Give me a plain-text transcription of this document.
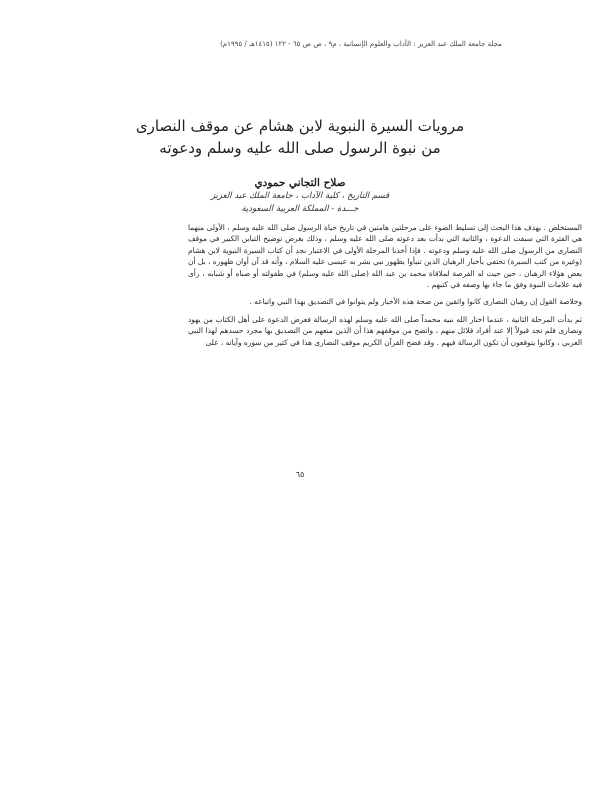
مجلة جامعة الملك عبد العزيز : الآداب والعلوم الإنسانية ، م٩ ، ص ص ٦٥ - ١٢٢ (١٤١٥هـ / ١٩٩٥م)
مرويات السيرة النبوية لابن هشام عن موقف النصارى
من نبوة الرسول صلى الله عليه وسلم ودعوته
صلاح التجاني حمودي
قسم التاريخ ، كلية الآداب ، جامعة الملك عبد العزيز
جـــدة - المملكة العربية السعودية

المستخلص . يهدف هذا البحث إلى تسليط الضوء على مرحلتين هامتين في تاريخ حياة الرسول صلى الله عليه وسلم ، الأولى منهما هي الفترة التي سبقت الدعوة ، والثانية التي بدأت بعد دعوته صلى الله عليه وسلم ، وذلك بغرض توضيح التباين الكبير في موقف النصارى من الرسول صلى الله عليه وسلم ودعوته . فإذا أخذنا المرحلة الأولى في الاعتبار نجد أن كتاب السيرة النبوية لابن هشام (وغيره من كتب السيرة) تحتفي بأخبار الرهبان الذين تنبأوا بظهور نبي بشر به عيسى عليه السلام ، وأنه قد آن أوان ظهوره ، بل أن بعض هؤلاء الرهبان ، حين حيث له الفرصة لملاقاة محمد بن عبد الله (صلى الله عليه وسلم) في طفولته أو صباه أو شبابه ، رأى فيه علامات النبوة وفق ما جاء بها وصفه في كتبهم .

وخلاصة القول إن رهبان النصارى كانوا واثقين من صحة هذه الأخبار ولم يتوانوا في التصديق بهذا النبي واتباعه .

ثم بدأت المرحلة الثانية ، عندما اختار الله نبيه محمداً صلى الله عليه وسلم لهذه الرسالة فعرض الدعوة على أهل الكتاب من يهود ونصارى فلم تجد قبولاً إلا عند أفراد قلائل منهم ، واتضح من موقفهم هذا أن الذين منعهم من التصديق بها مجرد حسدهم لهذا النبي العربي ، وكانوا يتوقعون أن تكون الرسالة فيهم . وقد فضح القرآن الكريم موقف النصارى هذا في كثير من سوره وآياته ، على

٦٥
